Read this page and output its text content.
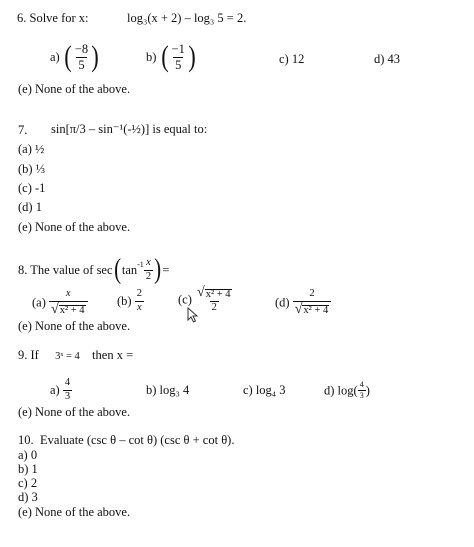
6. Solve for x:	log₃(x + 2) – log₃ 5 = 2.
a) ( $\frac{-8}{5}$ )	b) ( $\frac{-1}{5}$ )	c) 12	d) 43
(e) None of the above.
7. sin[π/3 – sin⁻¹(-½)] is equal to:
(a) ½
(b) ⅓
(c) -1
(d) 1
(e) None of the above.
8. The value of $\sec(\tan^{-1} \frac{x}{2}$ )=
$(a) \frac{x}{\text{√ x² + 4}} (b) \frac{2}{x}$	$(c) \frac{\text{√ x² + 4}}{2}$	$(d) \frac{2}{\text{√ x² + 4}}$
(e) None of the above.
9. If 3ˣ = 4 then x =
$a) \frac{4}{3}$	b) log₃ 4	c) log₄ 3	d) $\log( \frac{4}{3}$ )
(e) None of the above.
10. Evaluate (csc θ – cot θ) (csc θ + cot θ).
a) 0
b) 1
c) 2
d) 3
(e) None of the above.
